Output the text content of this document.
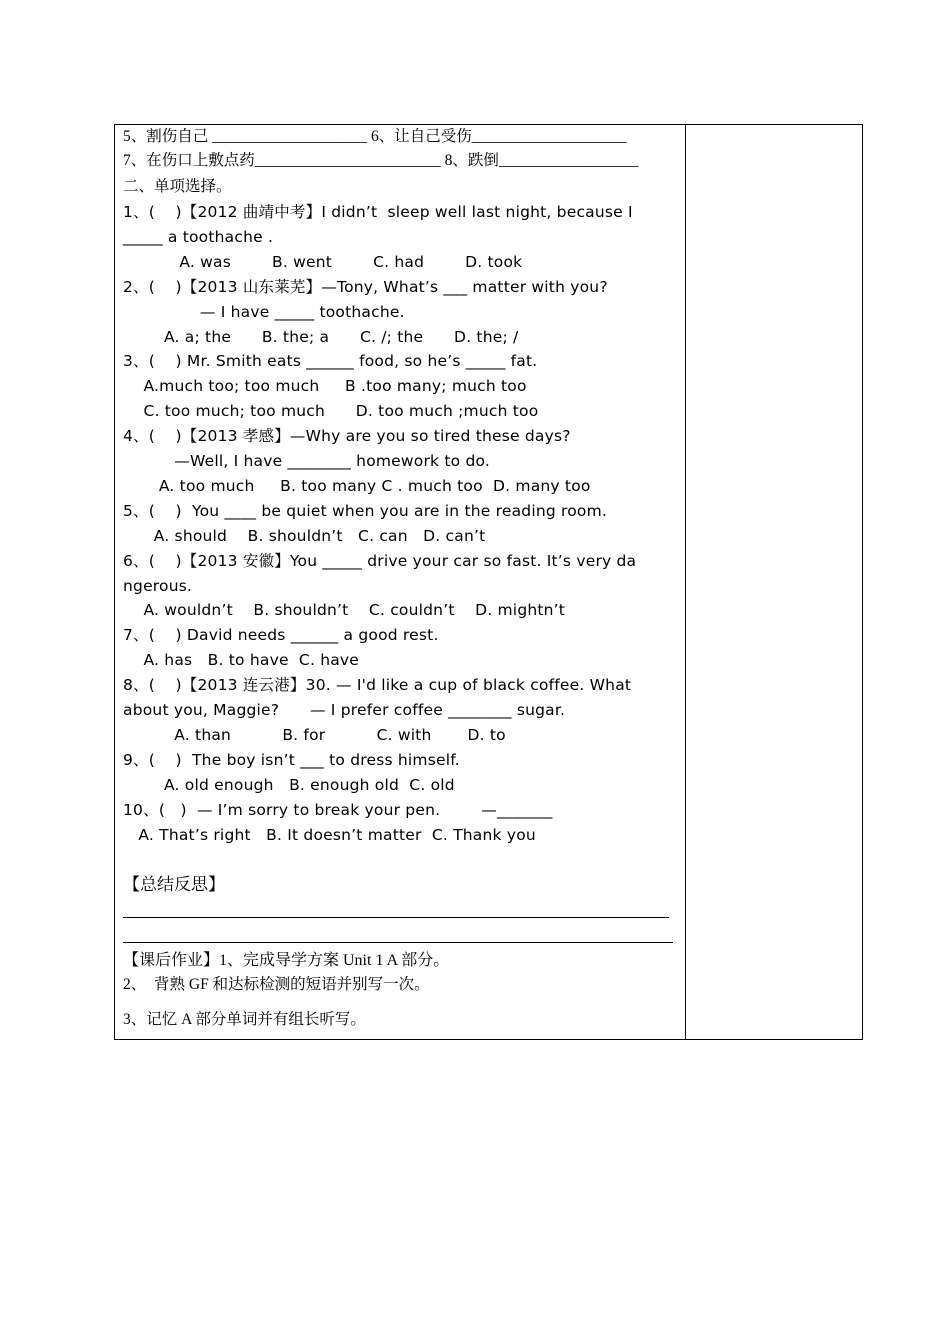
5、割伤自己 ____________________ 6、让自己受伤____________________
7、在伤口上敷点药________________________ 8、跌倒__________________
二、单项选择。
1、(    )【2012 曲靖中考】I didn’t  sleep well last night, because I
_____ a toothache .
A. was        B. went        C. had        D. took
2、(    )【2013 山东莱芜】—Tony, What’s ___ matter with you?
— I have _____ toothache.
A. a; the      B. the; a      C. /; the      D. the; /
3、(    ) Mr. Smith eats ______ food, so he’s _____ fat.
A.much too; too much     B .too many; much too
C. too much; too much      D. too much ;much too
4、(    )【2013 孝感】—Why are you so tired these days?
—Well, I have ________ homework to do.
A. too much     B. too many C . much too  D. many too
5、(    )  You ____ be quiet when you are in the reading room.
A. should    B. shouldn’t   C. can   D. can’t
6、(    )【2013 安徽】You _____ drive your car so fast. It’s very da
ngerous.
A. wouldn’t    B. shouldn’t    C. couldn’t    D. mightn’t
7、(    ) David needs ______ a good rest.
A. has   B. to have  C. have
8、(    )【2013 连云港】30. — I'd like a cup of black coffee. What
about you, Maggie?      — I prefer coffee ________ sugar.
A. than          B. for          C. with       D. to
9、(    )  The boy isn’t ___ to dress himself.
A. old enough   B. enough old  C. old
10、(   )  — I’m sorry to break your pen.        —_______
A. That’s right   B. It doesn’t matter  C. Thank you
【总结反思】
【课后作业】1、完成导学方案 Unit 1 A 部分。
2、  背熟 GF 和达标检测的短语并别写一次。
3、记忆 A 部分单词并有组长听写。
